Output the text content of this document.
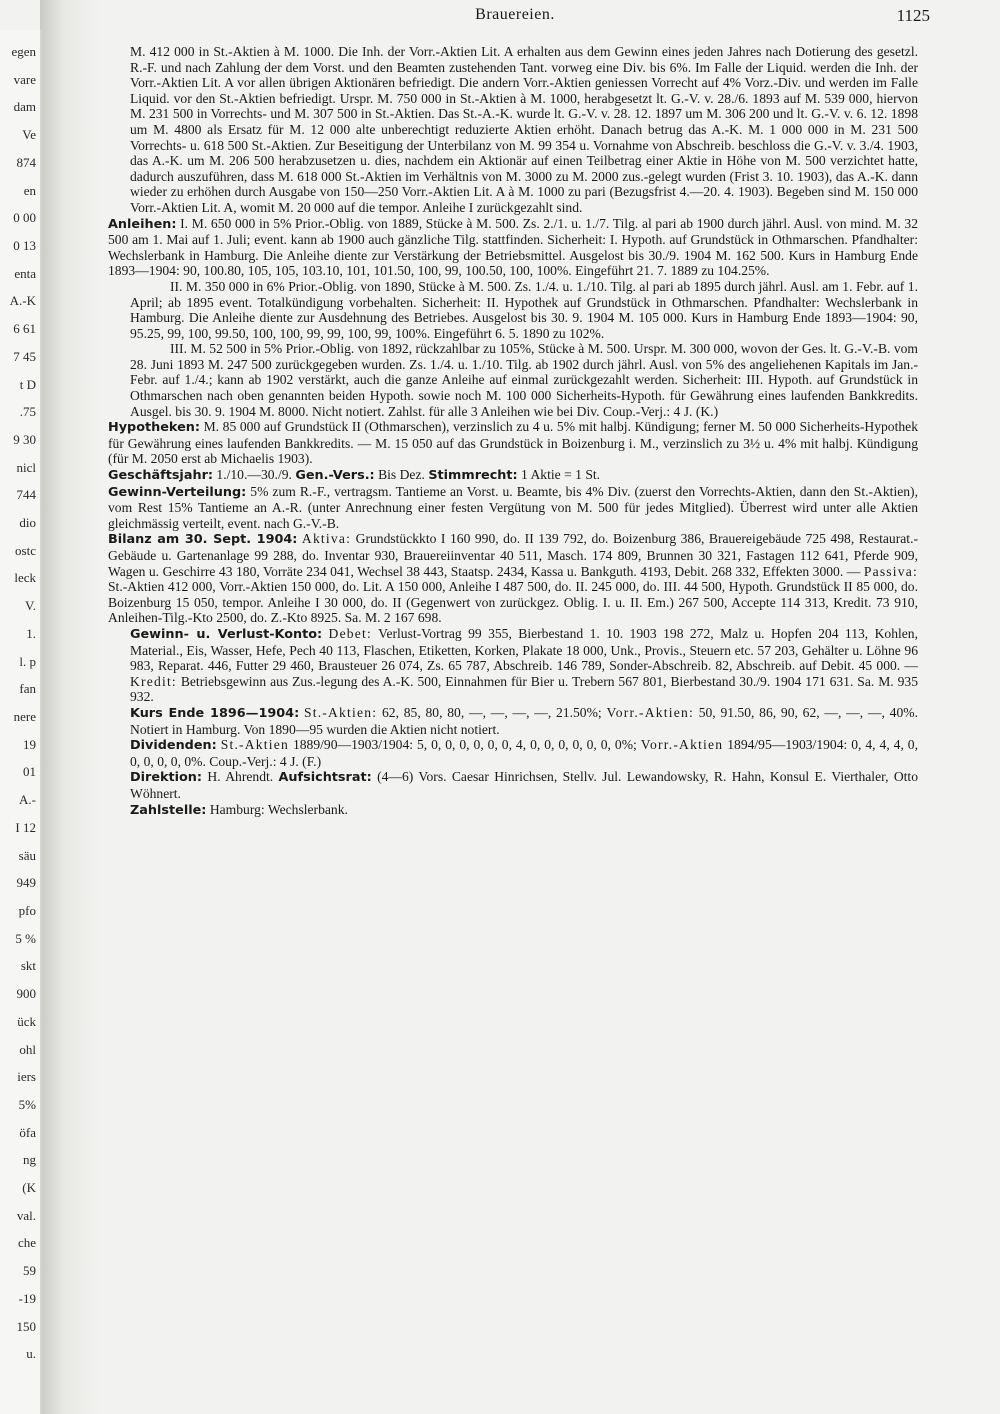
egen
vare
dam
Ve
874
en
0 00
0 13
enta
A.-K
6 61
7 45
t D
.75
9 30
nicl
744
dio
ostc
leck
V.
1.
l. p
fan
nere
19
01
A.-
I 12
säu
949
pfo
5 %
skt
900
ück
ohl
iers
5%
öfa
ng
(K
val.
che
59
-19
150
u.
Brauereien.	1125

M. 412 000 in St.-Aktien à M. 1000. Die Inh. der Vorr.-Aktien Lit. A erhalten aus dem Gewinn eines jeden Jahres nach Dotierung des gesetzl. R.-F. und nach Zahlung der dem Vorst. und den Beamten zustehenden Tant. vorweg eine Div. bis 6%. Im Falle der Liquid. werden die Inh. der Vorr.-Aktien Lit. A vor allen übrigen Aktionären befriedigt. Die andern Vorr.-Aktien geniessen Vorrecht auf 4% Vorz.-Div. und werden im Falle Liquid. vor den St.-Aktien befriedigt. Urspr. M. 750 000 in St.-Aktien à M. 1000, herabgesetzt lt. G.-V. v. 28./6. 1893 auf M. 539 000, hiervon M. 231 500 in Vorrechts- und M. 307 500 in St.-Aktien. Das St.-A.-K. wurde lt. G.-V. v. 28. 12. 1897 um M. 306 200 und lt. G.-V. v. 6. 12. 1898 um M. 4800 als Ersatz für M. 12 000 alte unberechtigt reduzierte Aktien erhöht. Danach betrug das A.-K. M. 1 000 000 in M. 231 500 Vorrechts- u. 618 500 St.-Aktien. Zur Beseitigung der Unterbilanz von M. 99 354 u. Vornahme von Abschreib. beschloss die G.-V. v. 3./4. 1903, das A.-K. um M. 206 500 herabzusetzen u. dies, nachdem ein Aktionär auf einen Teilbetrag einer Aktie in Höhe von M. 500 verzichtet hatte, dadurch auszuführen, dass M. 618 000 St.-Aktien im Verhältnis von M. 3000 zu M. 2000 zus.-gelegt wurden (Frist 3. 10. 1903), das A.-K. dann wieder zu erhöhen durch Ausgabe von 150—250 Vorr.-Aktien Lit. A à M. 1000 zu pari (Bezugsfrist 4.—20. 4. 1903). Begeben sind M. 150 000 Vorr.-Aktien Lit. A, womit M. 20 000 auf die tempor. Anleihe I zurückgezahlt sind.

Anleihen: I. M. 650 000 in 5% Prior.-Oblig. von 1889, Stücke à M. 500. Zs. 2./1. u. 1./7. Tilg. al pari ab 1900 durch jährl. Ausl. von mind. M. 32 500 am 1. Mai auf 1. Juli; event. kann ab 1900 auch gänzliche Tilg. stattfinden. Sicherheit: I. Hypoth. auf Grundstück in Othmarschen. Pfandhalter: Wechslerbank in Hamburg. Die Anleihe diente zur Verstärkung der Betriebsmittel. Ausgelost bis 30./9. 1904 M. 162 500. Kurs in Hamburg Ende 1893—1904: 90, 100.80, 105, 105, 103.10, 101, 101.50, 100, 99, 100.50, 100, 100%. Eingeführt 21. 7. 1889 zu 104.25%.

II. M. 350 000 in 6% Prior.-Oblig. von 1890, Stücke à M. 500. Zs. 1./4. u. 1./10. Tilg. al pari ab 1895 durch jährl. Ausl. am 1. Febr. auf 1. April; ab 1895 event. Totalkündigung vorbehalten. Sicherheit: II. Hypothek auf Grundstück in Othmarschen. Pfandhalter: Wechslerbank in Hamburg. Die Anleihe diente zur Ausdehnung des Betriebes. Ausgelost bis 30. 9. 1904 M. 105 000. Kurs in Hamburg Ende 1893—1904: 90, 95.25, 99, 100, 99.50, 100, 100, 99, 99, 100, 99, 100%. Eingeführt 6. 5. 1890 zu 102%.

III. M. 52 500 in 5% Prior.-Oblig. von 1892, rückzahlbar zu 105%, Stücke à M. 500. Urspr. M. 300 000, wovon der Ges. lt. G.-V.-B. vom 28. Juni 1893 M. 247 500 zurückgegeben wurden. Zs. 1./4. u. 1./10. Tilg. ab 1902 durch jährl. Ausl. von 5% des angeliehenen Kapitals im Jan.-Febr. auf 1./4.; kann ab 1902 verstärkt, auch die ganze Anleihe auf einmal zurückgezahlt werden. Sicherheit: III. Hypoth. auf Grundstück in Othmarschen nach oben genannten beiden Hypoth. sowie noch M. 100 000 Sicherheits-Hypoth. für Gewährung eines laufenden Bankkredits. Ausgel. bis 30. 9. 1904 M. 8000. Nicht notiert. Zahlst. für alle 3 Anleihen wie bei Div. Coup.-Verj.: 4 J. (K.)

Hypotheken: M. 85 000 auf Grundstück II (Othmarschen), verzinslich zu 4 u. 5% mit halbj. Kündigung; ferner M. 50 000 Sicherheits-Hypothek für Gewährung eines laufenden Bankkredits. — M. 15 050 auf das Grundstück in Boizenburg i. M., verzinslich zu 3½ u. 4% mit halbj. Kündigung (für M. 2050 erst ab Michaelis 1903).

Geschäftsjahr: 1./10.—30./9. Gen.-Vers.: Bis Dez. Stimmrecht: 1 Aktie = 1 St.

Gewinn-Verteilung: 5% zum R.-F., vertragsm. Tantieme an Vorst. u. Beamte, bis 4% Div. (zuerst den Vorrechts-Aktien, dann den St.-Aktien), vom Rest 15% Tantieme an A.-R. (unter Anrechnung einer festen Vergütung von M. 500 für jedes Mitglied). Überrest wird unter alle Aktien gleichmässig verteilt, event. nach G.-V.-B.

Bilanz am 30. Sept. 1904: Aktiva: Grundstückkto I 160 990, do. II 139 792, do. Boizenburg 386, Brauereigebäude 725 498, Restaurat.-Gebäude u. Gartenanlage 99 288, do. Inventar 930, Brauereiinventar 40 511, Masch. 174 809, Brunnen 30 321, Fastagen 112 641, Pferde 909, Wagen u. Geschirre 43 180, Vorräte 234 041, Wechsel 38 443, Staatsp. 2434, Kassa u. Bankguth. 4193, Debit. 268 332, Effekten 3000. — Passiva: St.-Aktien 412 000, Vorr.-Aktien 150 000, do. Lit. A 150 000, Anleihe I 487 500, do. II. 245 000, do. III. 44 500, Hypoth. Grundstück II 85 000, do. Boizenburg 15 050, tempor. Anleihe I 30 000, do. II (Gegenwert von zurückgez. Oblig. I. u. II. Em.) 267 500, Accepte 114 313, Kredit. 73 910, Anleihen-Tilg.-Kto 2500, do. Z.-Kto 8925. Sa. M. 2 167 698.

Gewinn- u. Verlust-Konto: Debet: Verlust-Vortrag 99 355, Bierbestand 1. 10. 1903 198 272, Malz u. Hopfen 204 113, Kohlen, Material., Eis, Wasser, Hefe, Pech 40 113, Flaschen, Etiketten, Korken, Plakate 18 000, Unk., Provis., Steuern etc. 57 203, Gehälter u. Löhne 96 983, Reparat. 446, Futter 29 460, Brausteuer 26 074, Zs. 65 787, Abschreib. 146 789, Sonder-Abschreib. 82, Abschreib. auf Debit. 45 000. — Kredit: Betriebsgewinn aus Zus.-legung des A.-K. 500, Einnahmen für Bier u. Trebern 567 801, Bierbestand 30./9. 1904 171 631. Sa. M. 935 932.

Kurs Ende 1896—1904: St.-Aktien: 62, 85, 80, 80, —, —, —, —, 21.50%; Vorr.-Aktien: 50, 91.50, 86, 90, 62, —, —, —, 40%. Notiert in Hamburg. Von 1890—95 wurden die Aktien nicht notiert.

Dividenden: St.-Aktien 1889/90—1903/1904: 5, 0, 0, 0, 0, 0, 0, 4, 0, 0, 0, 0, 0, 0, 0%; Vorr.-Aktien 1894/95—1903/1904: 0, 4, 4, 4, 0, 0, 0, 0, 0, 0%. Coup.-Verj.: 4 J. (F.)

Direktion: H. Ahrendt. Aufsichtsrat: (4—6) Vors. Caesar Hinrichsen, Stellv. Jul. Lewandowsky, R. Hahn, Konsul E. Vierthaler, Otto Wöhnert.

Zahlstelle: Hamburg: Wechslerbank.
